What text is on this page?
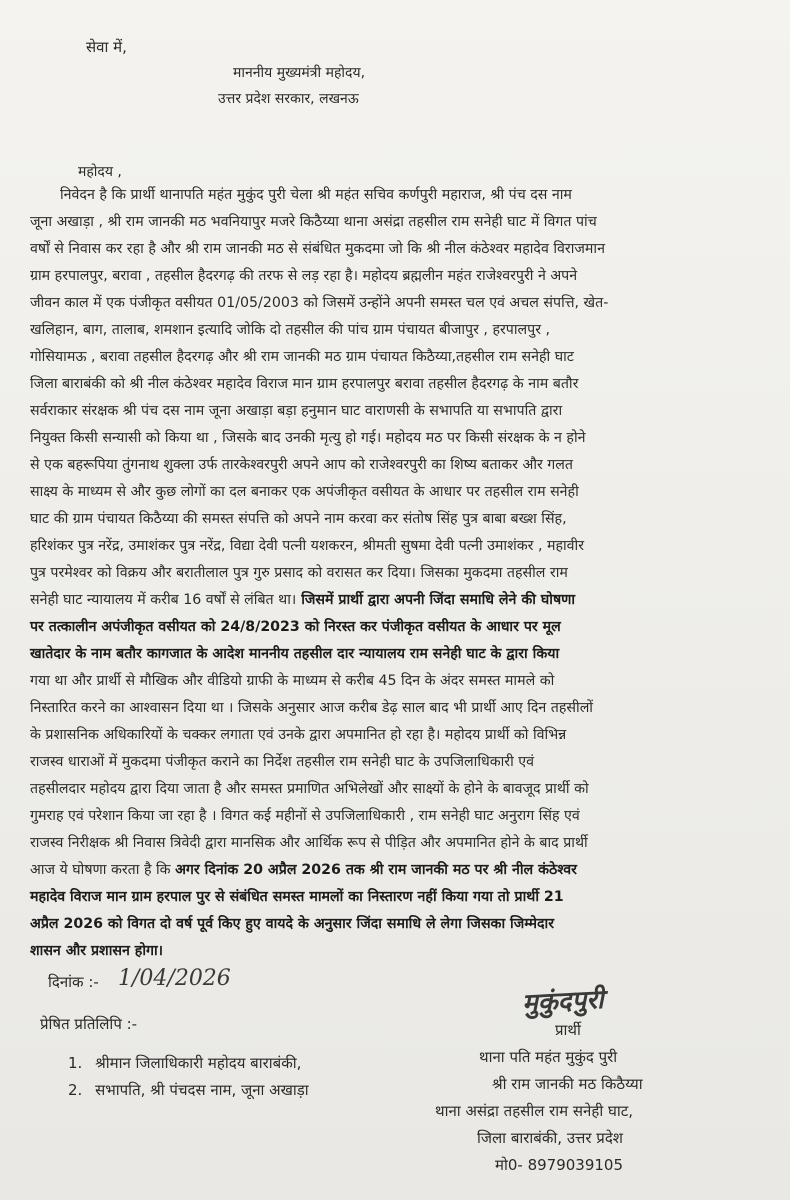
सेवा में,
माननीय मुख्यमंत्री महोदय,
उत्तर प्रदेश सरकार, लखनऊ
महोदय ,
निवेदन है कि प्रार्थी थानापति महंत मुकुंद पुरी चेला श्री महंत सचिव कर्णपुरी महाराज, श्री पंच दस नाम
जूना अखाड़ा , श्री राम जानकी मठ भवनियापुर मजरे किठैय्या थाना असंद्रा तहसील राम सनेही घाट में विगत पांच
वर्षों से निवास कर रहा है और श्री राम जानकी मठ से संबंधित मुकदमा जो कि श्री नील कंठेश्वर महादेव विराजमान
ग्राम हरपालपुर, बरावा , तहसील हैदरगढ़ की तरफ से लड़ रहा है। महोदय ब्रह्मलीन महंत राजेश्वरपुरी ने अपने
जीवन काल में एक पंजीकृत वसीयत 01/05/2003 को जिसमें उन्होंने अपनी समस्त चल एवं अचल संपत्ति, खेत-
खलिहान, बाग, तालाब, शमशान इत्यादि जोकि दो तहसील की पांच ग्राम पंचायत बीजापुर , हरपालपुर ,
गोसियामऊ , बरावा तहसील हैदरगढ़ और श्री राम जानकी मठ ग्राम पंचायत किठैय्या,तहसील राम सनेही घाट
जिला बाराबंकी को श्री नील कंठेश्वर महादेव विराज मान ग्राम हरपालपुर बरावा तहसील हैदरगढ़ के नाम बतौर
सर्वराकार संरक्षक श्री पंच दस नाम जूना अखाड़ा बड़ा हनुमान घाट वाराणसी के सभापति या सभापति द्वारा
नियुक्त किसी सन्यासी को किया था , जिसके बाद उनकी मृत्यु हो गई। महोदय मठ पर किसी संरक्षक के न होने
से एक बहरूपिया तुंगनाथ शुक्ला उर्फ तारकेश्वरपुरी अपने आप को राजेश्वरपुरी का शिष्य बताकर और गलत
साक्ष्य के माध्यम से और कुछ लोगों का दल बनाकर एक अपंजीकृत वसीयत के आधार पर तहसील राम सनेही
घाट की ग्राम पंचायत किठैय्या की समस्त संपत्ति को अपने नाम करवा कर संतोष सिंह पुत्र बाबा बख्श सिंह,
हरिशंकर पुत्र नरेंद्र, उमाशंकर पुत्र नरेंद्र, विद्या देवी पत्नी यशकरन, श्रीमती सुषमा देवी पत्नी उमाशंकर , महावीर
पुत्र परमेश्वर को विक्रय और बरातीलाल पुत्र गुरु प्रसाद को वरासत कर दिया। जिसका मुकदमा तहसील राम
सनेही घाट न्यायालय में करीब 16 वर्षों से लंबित था। जिसमें प्रार्थी द्वारा अपनी जिंदा समाधि लेने की घोषणा
पर तत्कालीन अपंजीकृत वसीयत को 24/8/2023 को निरस्त कर पंजीकृत वसीयत के आधार पर मूल
खातेदार के नाम बतौर कागजात के आदेश माननीय तहसील दार न्यायालय राम सनेही घाट के द्वारा किया
गया था और प्रार्थी से मौखिक और वीडियो ग्राफी के माध्यम से करीब 45 दिन के अंदर समस्त मामले को
निस्तारित करने का आश्वासन दिया था । जिसके अनुसार आज करीब डेढ़ साल बाद भी प्रार्थी आए दिन तहसीलों
के प्रशासनिक अधिकारियों के चक्कर लगाता एवं उनके द्वारा अपमानित हो रहा है। महोदय प्रार्थी को विभिन्न
राजस्व धाराओं में मुकदमा पंजीकृत कराने का निर्देश तहसील राम सनेही घाट के उपजिलाधिकारी एवं
तहसीलदार महोदय द्वारा दिया जाता है और समस्त प्रमाणित अभिलेखों और साक्ष्यों के होने के बावजूद प्रार्थी को
गुमराह एवं परेशान किया जा रहा है । विगत कई महीनों से उपजिलाधिकारी , राम सनेही घाट अनुराग सिंह एवं
राजस्व निरीक्षक श्री निवास त्रिवेदी द्वारा मानसिक और आर्थिक रूप से पीड़ित और अपमानित होने के बाद प्रार्थी
आज ये घोषणा करता है कि अगर दिनांक 20 अप्रैल 2026 तक श्री राम जानकी मठ पर श्री नील कंठेश्वर
महादेव विराज मान ग्राम हरपाल पुर से संबंधित समस्त मामलों का निस्तारण नहीं किया गया तो प्रार्थी 21
अप्रैल 2026 को विगत दो वर्ष पूर्व किए हुए वायदे के अनुसार जिंदा समाधि ले लेगा जिसका जिम्मेदार
शासन और प्रशासन होगा।
दिनांक :- 1/04/2026
मुकुंदपुरी
प्रार्थी
प्रेषित प्रतिलिपि :-
1. श्रीमान जिलाधिकारी महोदय बाराबंकी,
2. सभापति, श्री पंचदस नाम, जूना अखाड़ा
थाना पति महंत मुकुंद पुरी
श्री राम जानकी मठ किठैय्या
थाना असंद्रा तहसील राम सनेही घाट,
जिला बाराबंकी, उत्तर प्रदेश
मो0- 8979039105
